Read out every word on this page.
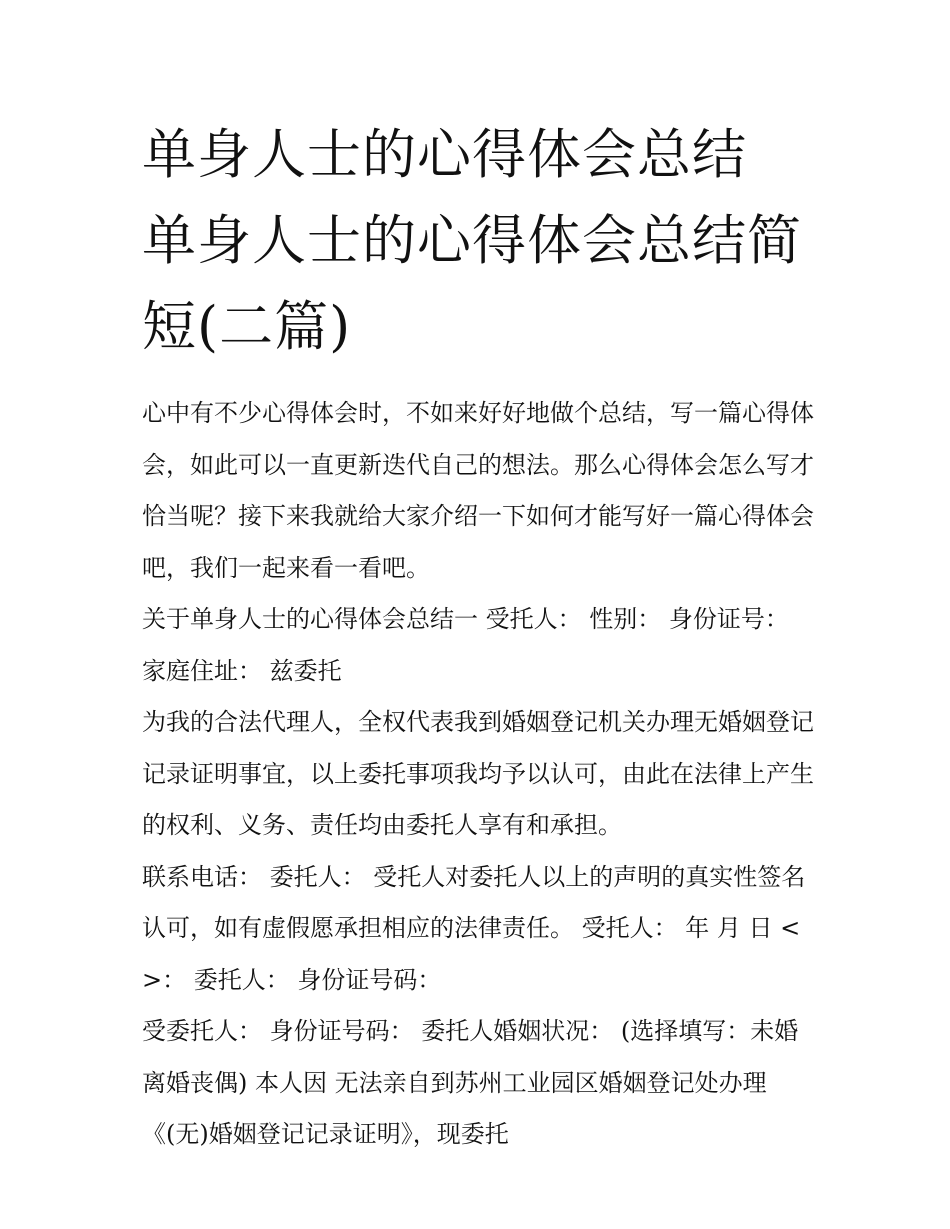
单身人士的心得体会总结 单身人士的心得体会总结简短(二篇)

心中有不少心得体会时，不如来好好地做个总结，写一篇心得体会，如此可以一直更新迭代自己的想法。那么心得体会怎么写才恰当呢？接下来我就给大家介绍一下如何才能写好一篇心得体会吧，我们一起来看一看吧。

关于单身人士的心得体会总结一 受托人： 性别： 身份证号： 家庭住址： 兹委托

为我的合法代理人，全权代表我到婚姻登记机关办理无婚姻登记记录证明事宜，以上委托事项我均予以认可，由此在法律上产生的权利、义务、责任均由委托人享有和承担。

联系电话： 委托人： 受托人对委托人以上的声明的真实性签名认可，如有虚假愿承担相应的法律责任。 受托人： 年 月 日 <>： 委托人： 身份证号码：

受委托人： 身份证号码： 委托人婚姻状况： (选择填写：未婚离婚丧偶) 本人因 无法亲自到苏州工业园区婚姻登记处办理《(无)婚姻登记记录证明》，现委托
